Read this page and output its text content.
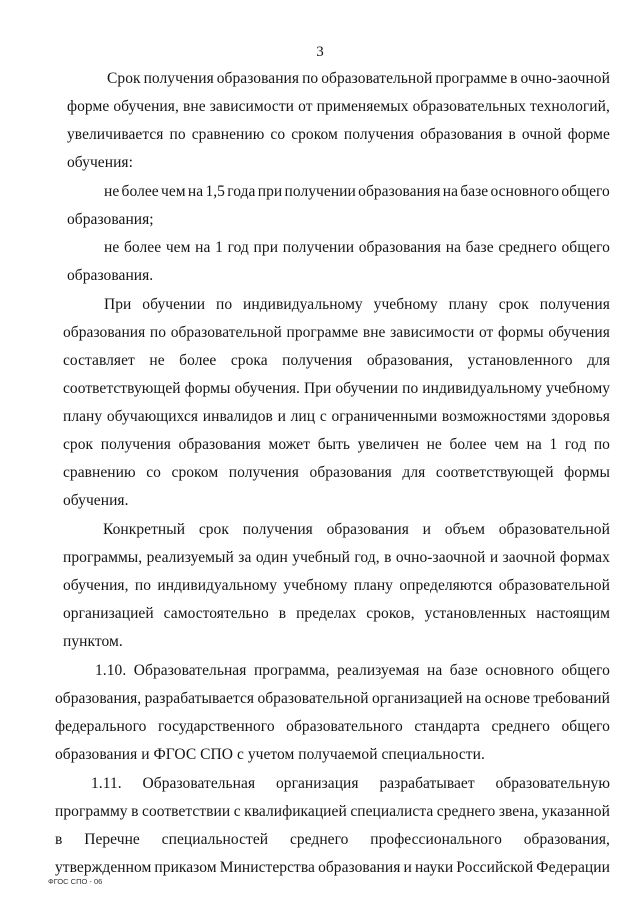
3
Срок получения образования по образовательной программе в очно-заочной
форме обучения, вне зависимости от применяемых образовательных технологий,
увеличивается по сравнению со сроком получения образования в очной форме
обучения:
не более чем на 1,5 года при получении образования на базе основного общего
образования;
не более чем на 1 год при получении образования на базе среднего общего
образования.
При обучении по индивидуальному учебному плану срок получения
образования по образовательной программе вне зависимости от формы обучения
составляет не более срока получения образования, установленного для
соответствующей формы обучения. При обучении по индивидуальному учебному
плану обучающихся инвалидов и лиц с ограниченными возможностями здоровья
срок получения образования может быть увеличен не более чем на 1 год по
сравнению со сроком получения образования для соответствующей формы
обучения.
Конкретный срок получения образования и объем образовательной
программы, реализуемый за один учебный год, в очно-заочной и заочной формах
обучения, по индивидуальному учебному плану определяются образовательной
организацией самостоятельно в пределах сроков, установленных настоящим
пунктом.
1.10. Образовательная программа, реализуемая на базе основного общего
образования, разрабатывается образовательной организацией на основе требований
федерального государственного образовательного стандарта среднего общего
образования и ФГОС СПО с учетом получаемой специальности.
1.11. Образовательная организация разрабатывает образовательную
программу в соответствии с квалификацией специалиста среднего звена, указанной
в Перечне специальностей среднего профессионального образования,
утвержденном приказом Министерства образования и науки Российской Федерации
ФГОС СПО - 06
